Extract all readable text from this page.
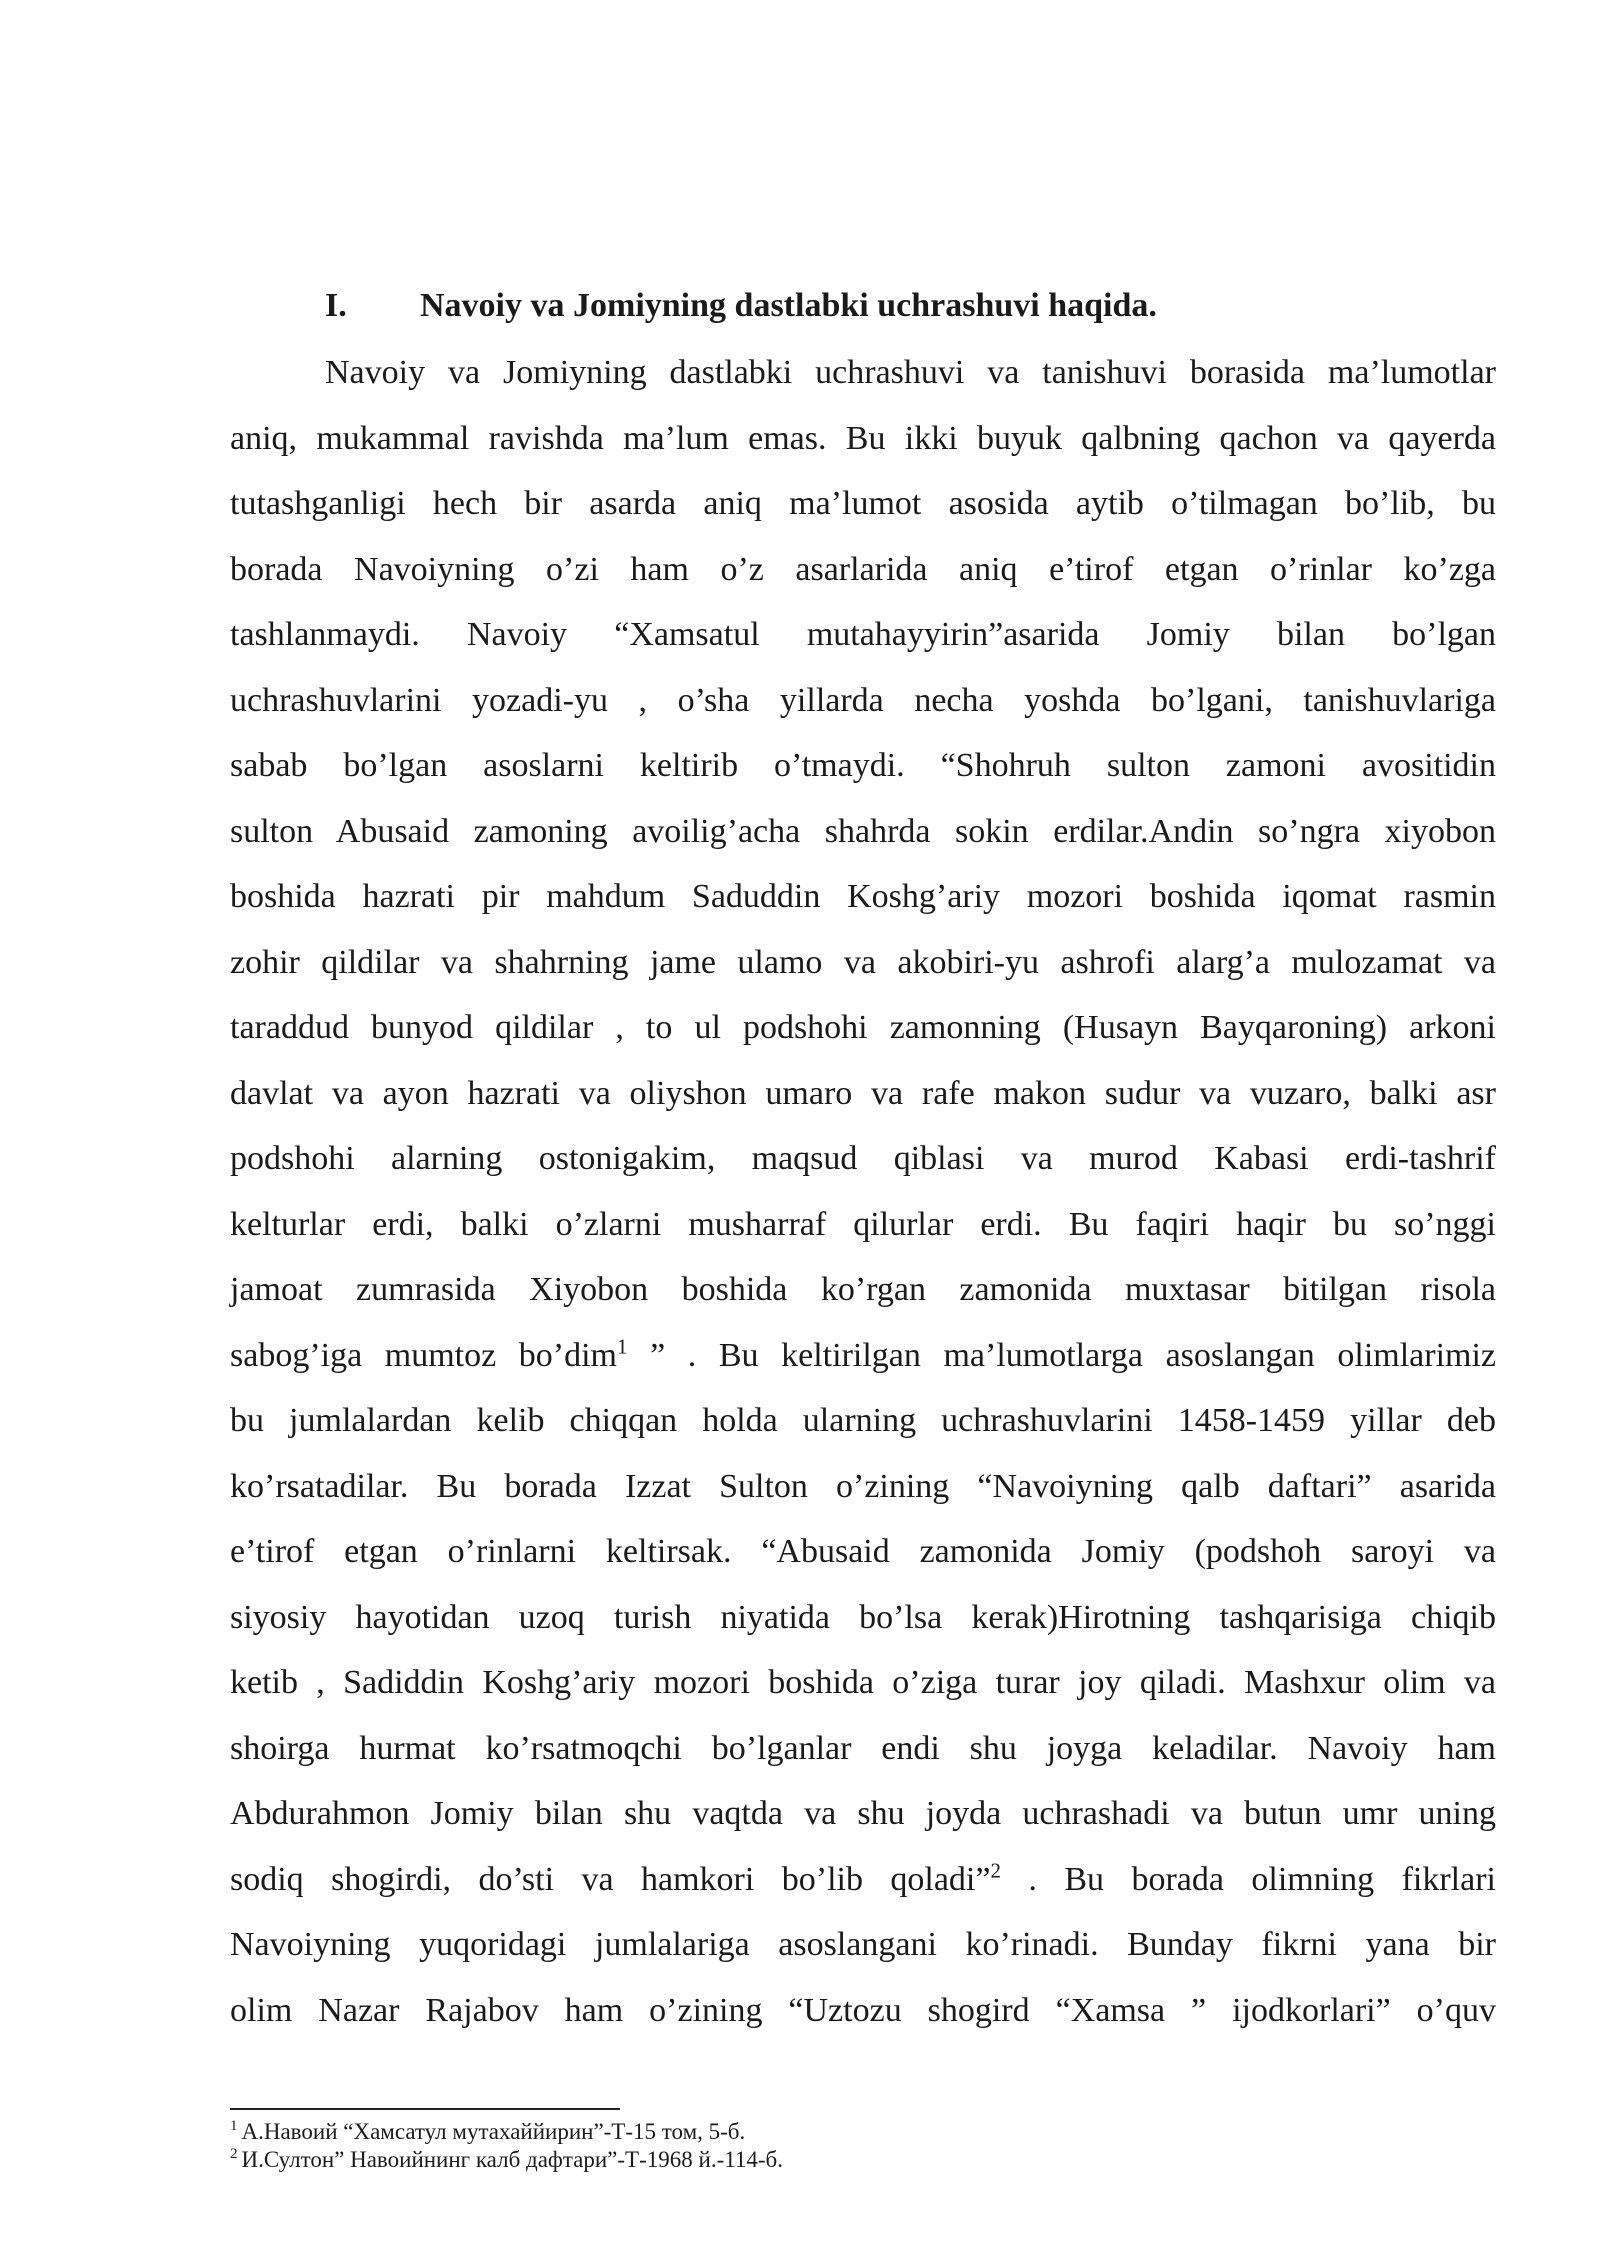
I. Navoiy va Jomiyning dastlabki uchrashuvi haqida.
Navoiy va Jomiyning dastlabki uchrashuvi va tanishuvi borasida ma’lumotlar
aniq, mukammal ravishda ma’lum emas. Bu ikki buyuk qalbning qachon va qayerda
tutashganligi hech bir asarda aniq ma’lumot asosida aytib o’tilmagan bo’lib, bu
borada Navoiyning o’zi ham o’z asarlarida aniq e’tirof etgan o’rinlar ko’zga
tashlanmaydi. Navoiy “Xamsatul mutahayyirin”asarida Jomiy bilan bo’lgan
uchrashuvlarini yozadi-yu , o’sha yillarda necha yoshda bo’lgani, tanishuvlariga
sabab bo’lgan asoslarni keltirib o’tmaydi. “Shohruh sulton zamoni avositidin
sulton Abusaid zamoning avoilig’acha shahrda sokin erdilar.Andin so’ngra xiyobon
boshida hazrati pir mahdum Saduddin Koshg’ariy mozori boshida iqomat rasmin
zohir qildilar va shahrning jame ulamo va akobiri-yu ashrofi alarg’a mulozamat va
taraddud bunyod qildilar , to ul podshohi zamonning (Husayn Bayqaroning) arkoni
davlat va ayon hazrati va oliyshon umaro va rafe makon sudur va vuzaro, balki asr
podshohi alarning ostonigakim, maqsud qiblasi va murod Kabasi erdi-tashrif
kelturlar erdi, balki o’zlarni musharraf qilurlar erdi. Bu faqiri haqir bu so’nggi
jamoat zumrasida Xiyobon boshida ko’rgan zamonida muxtasar bitilgan risola
sabog’iga mumtoz bo’dim$^1$ ” . Bu keltirilgan ma’lumotlarga asoslangan olimlarimiz
bu jumlalardan kelib chiqqan holda ularning uchrashuvlarini 1458-1459 yillar deb
ko’rsatadilar. Bu borada Izzat Sulton o’zining “Navoiyning qalb daftari” asarida
e’tirof etgan o’rinlarni keltirsak. “Abusaid zamonida Jomiy (podshoh saroyi va
siyosiy hayotidan uzoq turish niyatida bo’lsa kerak)Hirotning tashqarisiga chiqib
ketib , Sadiddin Koshg’ariy mozori boshida o’ziga turar joy qiladi. Mashxur olim va
shoirga hurmat ko’rsatmoqchi bo’lganlar endi shu joyga keladilar. Navoiy ham
Abdurahmon Jomiy bilan shu vaqtda va shu joyda uchrashadi va butun umr uning
sodiq shogirdi, do’sti va hamkori bo’lib qoladi”$^2$ . Bu borada olimning fikrlari
Navoiyning yuqoridagi jumlalariga asoslangani ko’rinadi. Bunday fikrni yana bir
olim Nazar Rajabov ham o’zining “Uztozu shogird “Xamsa ” ijodkorlari” o’quv
$^1$ А.Навоий “Хамсатул мутахаййирин”-Т-15 том, 5-б.
$^2$ И.Султон” Навоийнинг калб дафтари”-Т-1968 й.-114-б.
